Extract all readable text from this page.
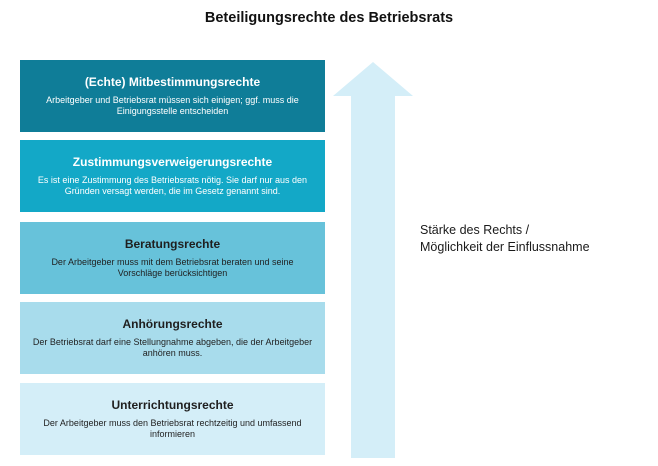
Beteiligungsrechte des Betriebsrats
(Echte) Mitbestimmungsrechte
Arbeitgeber und Betriebsrat müssen sich einigen; ggf. muss die Einigungsstelle entscheiden
Zustimmungsverweigerungsrechte
Es ist eine Zustimmung des Betriebsrats nötig. Sie darf nur aus den Gründen versagt werden, die im Gesetz genannt sind.
Beratungsrechte
Der Arbeitgeber muss mit dem Betriebsrat beraten und seine Vorschläge berücksichtigen
Anhörungsrechte
Der Betriebsrat darf eine Stellungnahme abgeben, die der Arbeitgeber anhören muss.
Unterrichtungsrechte
Der Arbeitgeber muss den Betriebsrat rechtzeitig und umfassend informieren
Stärke des Rechts /
Möglichkeit der Einflussnahme
